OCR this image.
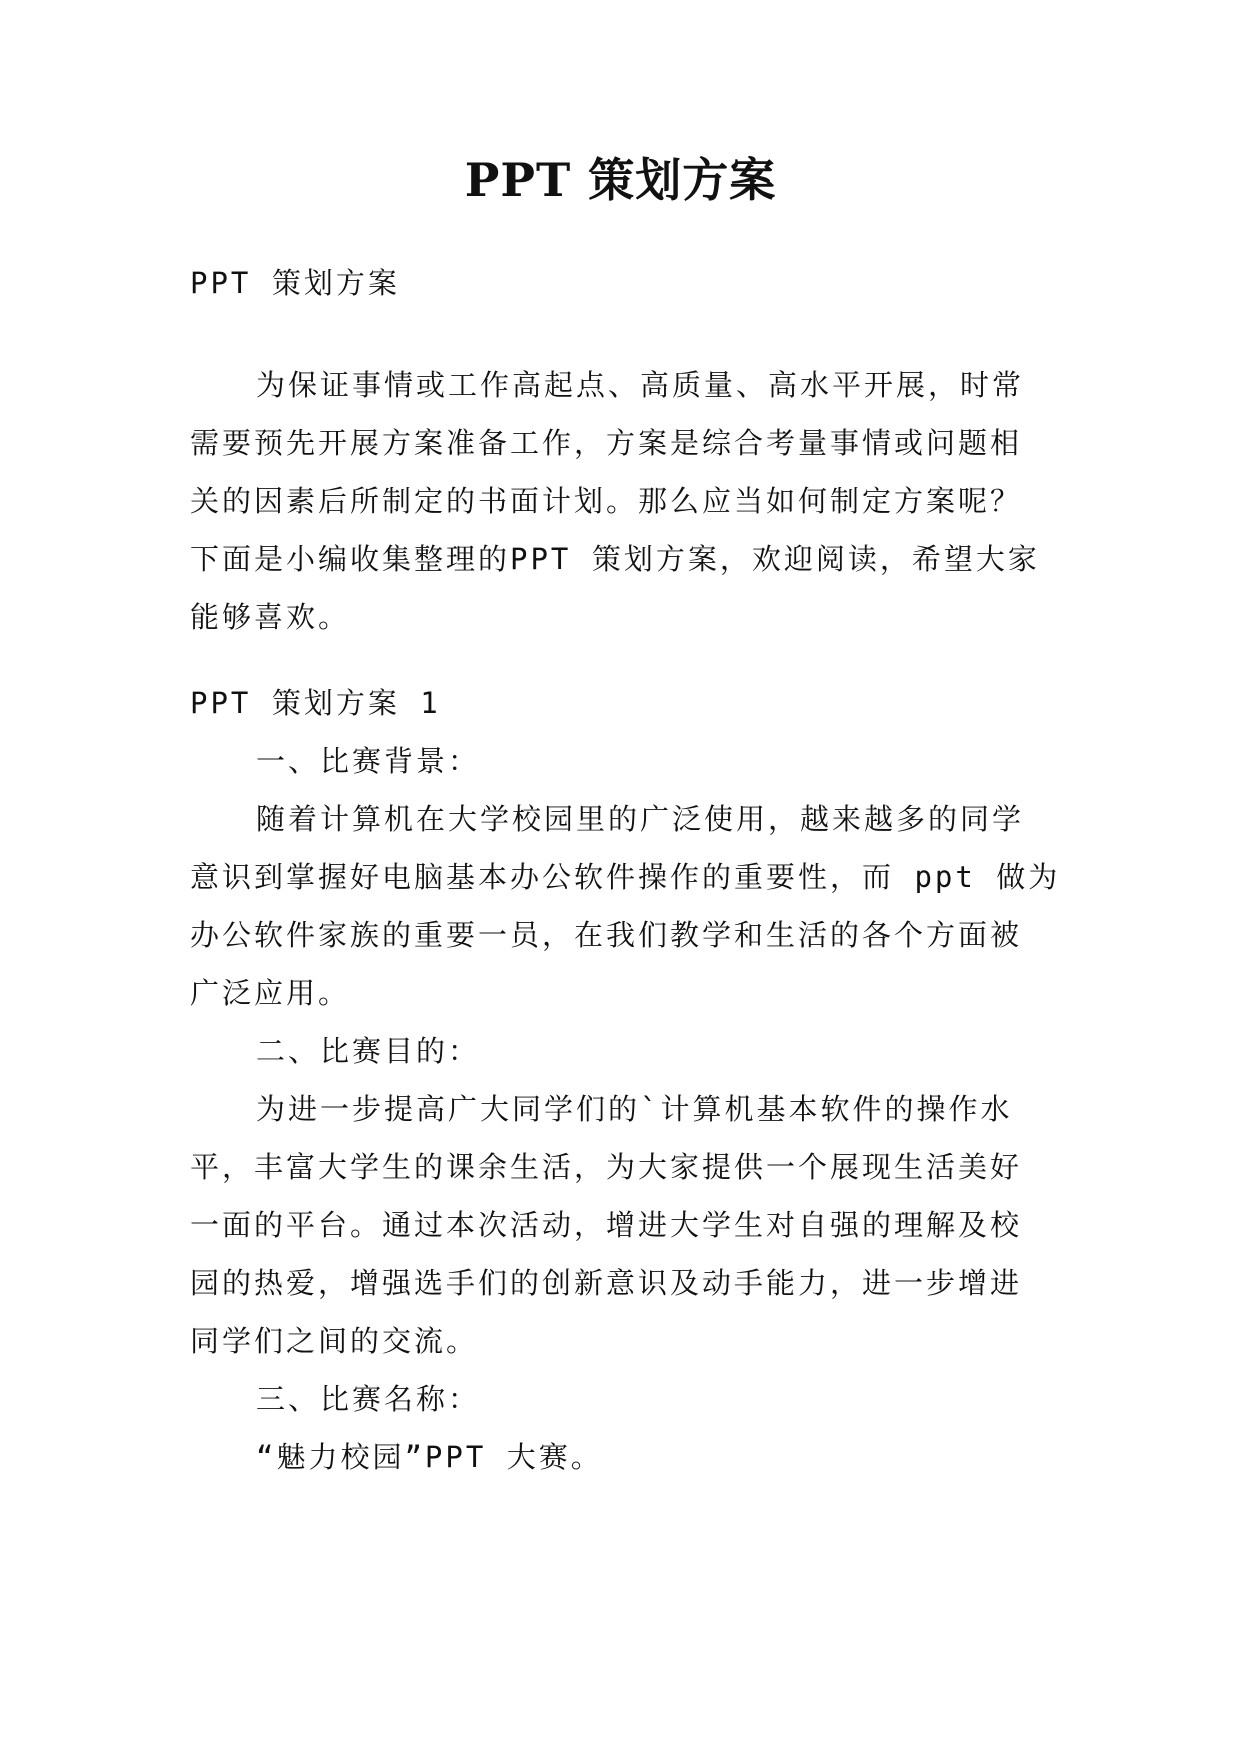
PPT 策划方案
PPT 策划方案
为保证事情或工作高起点、高质量、高水平开展，时常
需要预先开展方案准备工作，方案是综合考量事情或问题相
关的因素后所制定的书面计划。那么应当如何制定方案呢？
下面是小编收集整理的PPT 策划方案，欢迎阅读，希望大家
能够喜欢。
PPT 策划方案 1
一、比赛背景：
随着计算机在大学校园里的广泛使用，越来越多的同学
意识到掌握好电脑基本办公软件操作的重要性，而 ppt 做为
办公软件家族的重要一员，在我们教学和生活的各个方面被
广泛应用。
二、比赛目的：
为进一步提高广大同学们的`计算机基本软件的操作水
平，丰富大学生的课余生活，为大家提供一个展现生活美好
一面的平台。通过本次活动，增进大学生对自强的理解及校
园的热爱，增强选手们的创新意识及动手能力，进一步增进
同学们之间的交流。
三、比赛名称：
“魅力校园”PPT 大赛。
